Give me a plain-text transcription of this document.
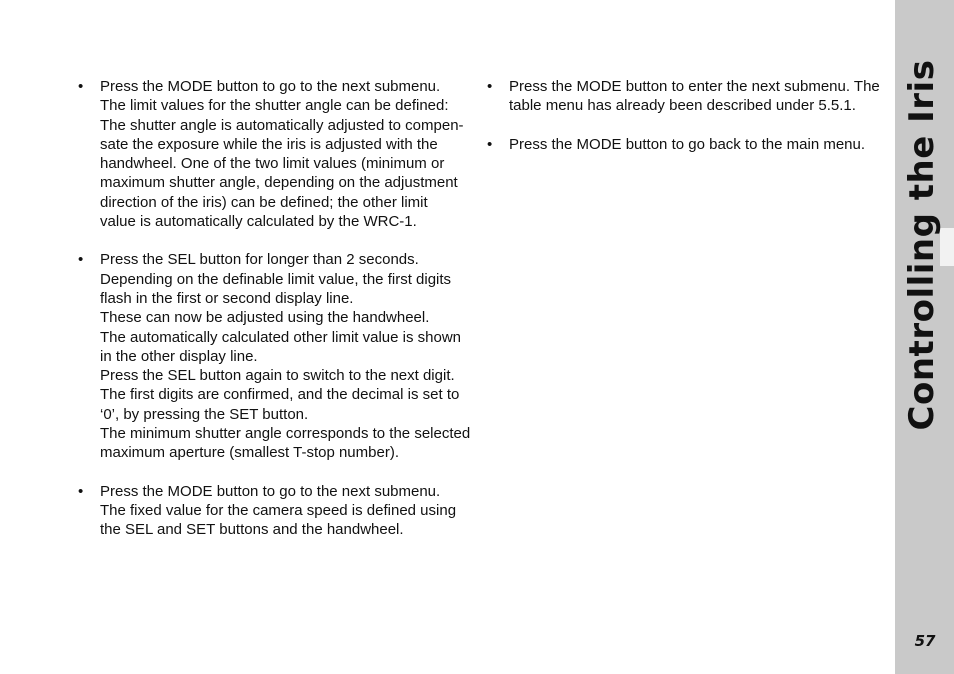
Controlling the Iris
57
• Press the MODE button to go to the next submenu.
The limit values for the shutter angle can be defined:
The shutter angle is automatically adjusted to compen-
sate the exposure while the iris is adjusted with the
handwheel. One of the two limit values (minimum or
maximum shutter angle, depending on the adjustment
direction of the iris) can be defined; the other limit
value is automatically calculated by the WRC-1.
• Press the SEL button for longer than 2 seconds.
Depending on the definable limit value, the first digits
flash in the first or second display line.
These can now be adjusted using the handwheel.
The automatically calculated other limit value is shown
in the other display line.
Press the SEL button again to switch to the next digit.
The first digits are confirmed, and the decimal is set to
‘0’, by pressing the SET button.
The minimum shutter angle corresponds to the selected
maximum aperture (smallest T-stop number).
• Press the MODE button to go to the next submenu.
The fixed value for the camera speed is defined using
the SEL and SET buttons and the handwheel.
• Press the MODE button to enter the next submenu. The
table menu has already been described under 5.5.1.
• Press the MODE button to go back to the main menu.
